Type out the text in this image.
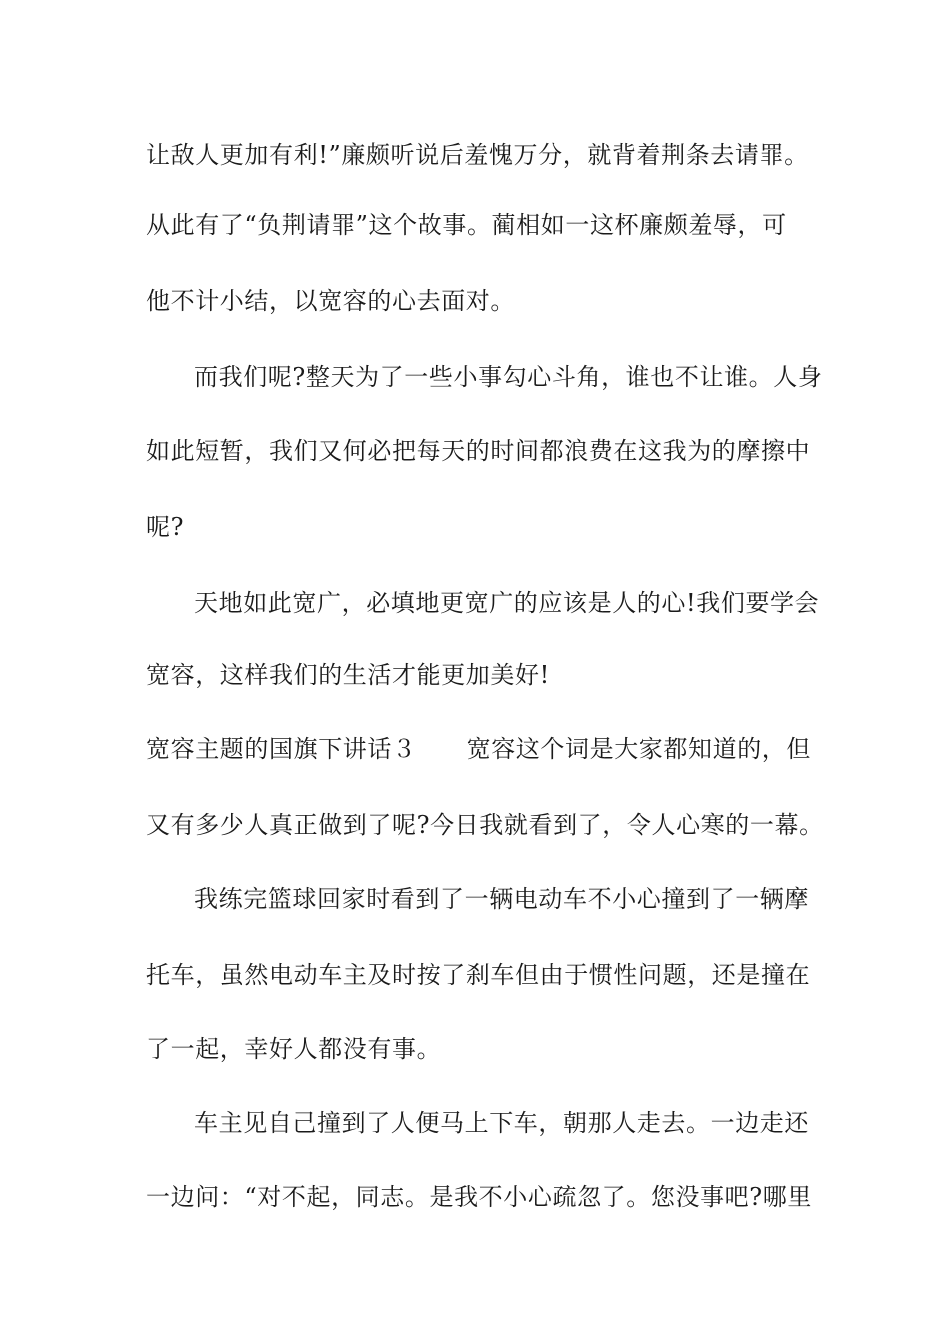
让敌人更加有利!”廉颇听说后羞愧万分，就背着荆条去请罪。
从此有了“负荆请罪”这个故事。蔺相如一这杯廉颇羞辱，可
他不计小结，以宽容的心去面对。
而我们呢?整天为了一些小事勾心斗角，谁也不让谁。人身
如此短暂，我们又何必把每天的时间都浪费在这我为的摩擦中
呢?
天地如此宽广，必填地更宽广的应该是人的心!我们要学会
宽容，这样我们的生活才能更加美好!
宽容主题的国旗下讲话３ 宽容这个词是大家都知道的，但
又有多少人真正做到了呢?今日我就看到了，令人心寒的一幕。
我练完篮球回家时看到了一辆电动车不小心撞到了一辆摩
托车，虽然电动车主及时按了刹车但由于惯性问题，还是撞在
了一起，幸好人都没有事。
车主见自己撞到了人便马上下车，朝那人走去。一边走还
一边问：“对不起，同志。是我不小心疏忽了。您没事吧?哪里
